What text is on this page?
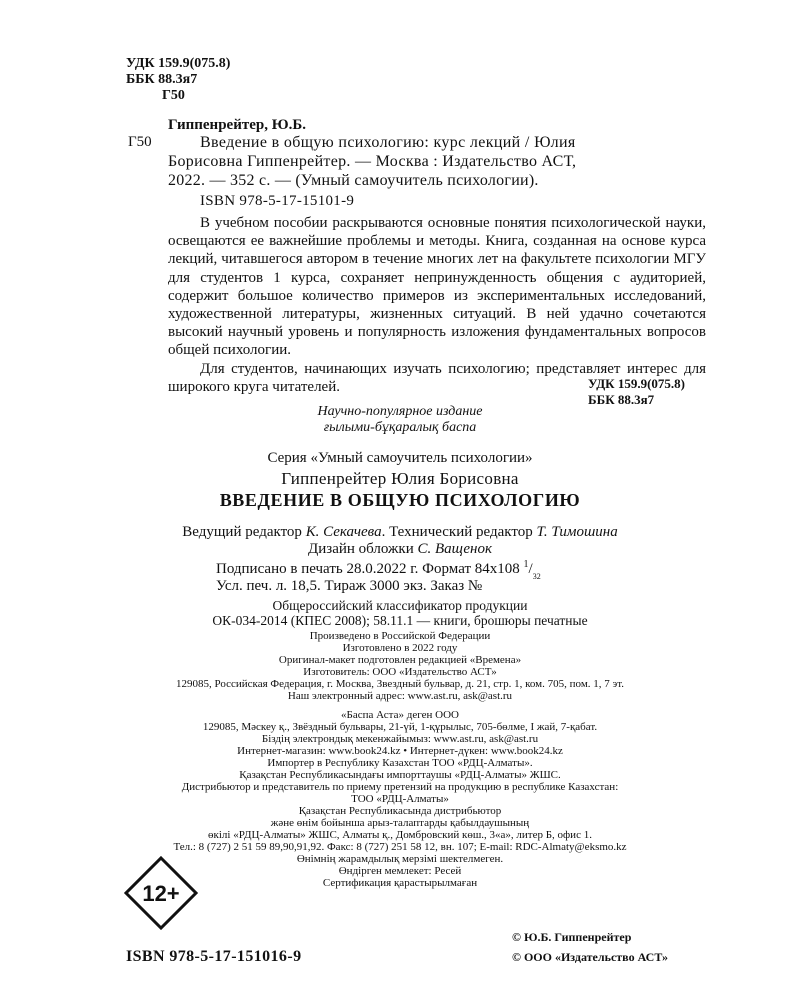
УДК 159.9(075.8)
ББК 88.3я7
Г50
Гиппенрейтер, Ю.Б.
Г50	Введение в общую психологию: курс лекций / Юлия
Борисовна Гиппенрейтер. — Москва : Издательство АСТ,
2022. — 352 с. — (Умный самоучитель психологии).
ISBN 978-5-17-15101-9

В учебном пособии раскрываются основные понятия психологической науки, освещаются ее важнейшие проблемы и методы. Книга, созданная на основе курса лекций, читавшегося автором в течение многих лет на факультете психологии МГУ для студентов 1 курса, сохраняет непринужденность общения с аудиторией, содержит большое количество примеров из экспериментальных исследований, художественной литературы, жизненных ситуаций. В ней удачно сочетаются высокий научный уровень и популярность изложения фундаментальных вопросов общей психологии.

Для студентов, начинающих изучать психологию; представляет интерес для широкого круга читателей.	УДК 159.9(075.8)
ББК 88.3я7
Научно-популярное издание
ғылыми-бұқаралық баспа
Серия «Умный самоучитель психологии»
Гиппенрейтер Юлия Борисовна
ВВЕДЕНИЕ В ОБЩУЮ ПСИХОЛОГИЮ
Ведущий редактор К. Секачева. Технический редактор Т. Тимошина
Дизайн обложки С. Ващенок
Подписано в печать 28.0.2022 г. Формат 84х108 $^1/_{32}$
Усл. печ. л. 18,5. Тираж 3000 экз. Заказ №
Общероссийский классификатор продукции
ОК-034-2014 (КПЕС 2008); 58.11.1 — книги, брошюры печатные
Произведено в Российской Федерации
Изготовлено в 2022 году
Оригинал-макет подготовлен редакцией «Времена»
Изготовитель: ООО «Издательство АСТ»
129085, Российская Федерация, г. Москва, Звездный бульвар, д. 21, стр. 1, ком. 705, пом. 1, 7 эт.
Наш электронный адрес: www.ast.ru, ask@ast.ru
«Баспа Аста» деген ООО
129085, Мәскеу қ., Звёздный бульвары, 21-үй, 1-құрылыс, 705-бөлме, I жай, 7-қабат.
Біздің электрондық мекенжайымыз: www.ast.ru, ask@ast.ru
Интернет-магазин: www.book24.kz • Интернет-дүкен: www.book24.kz
Импортер в Республику Казахстан ТОО «РДЦ-Алматы».
Қазақстан Республикасындағы импорттаушы «РДЦ-Алматы» ЖШС.
Дистрибьютор и представитель по приему претензий на продукцию в республике Казахстан:
ТОО «РДЦ-Алматы»
Қазақстан Республикасында дистрибьютор
және өнім бойынша арыз-талаптарды қабылдаушының
өкілі «РДЦ-Алматы» ЖШС, Алматы қ., Домбровский көш., 3«а», литер Б, офис 1.
Тел.: 8 (727) 2 51 59 89,90,91,92. Факс: 8 (727) 251 58 12, вн. 107; E-mail: RDC-Almaty@eksmo.kz
Өнімнің жарамдылық мерзімі шектелмеген.
Өндірген мемлекет: Ресей
Сертификация қарастырылмаған
12+
ISBN 978-5-17-151016-9
© Ю.Б. Гиппенрейтер
© ООО «Издательство АСТ»
